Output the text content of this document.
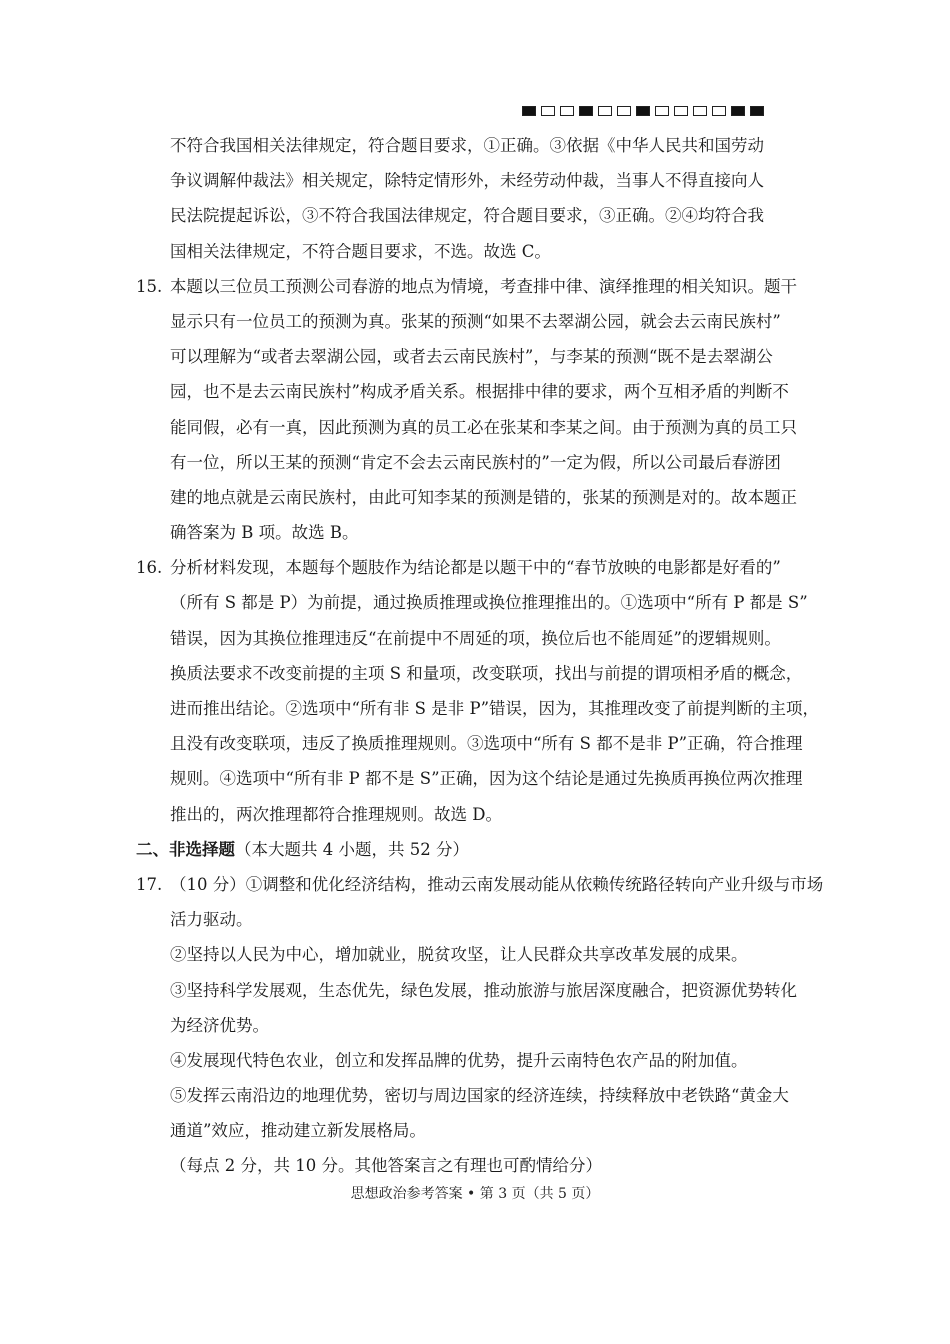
不符合我国相关法律规定，符合题目要求，①正确。③依据《中华人民共和国劳动
争议调解仲裁法》相关规定，除特定情形外，未经劳动仲裁，当事人不得直接向人
民法院提起诉讼，③不符合我国法律规定，符合题目要求，③正确。②④均符合我
国相关法律规定，不符合题目要求，不选。故选 C。
15. 本题以三位员工预测公司春游的地点为情境，考查排中律、演绎推理的相关知识。题干
显示只有一位员工的预测为真。张某的预测“如果不去翠湖公园，就会去云南民族村”
可以理解为“或者去翠湖公园，或者去云南民族村”，与李某的预测“既不是去翠湖公
园，也不是去云南民族村”构成矛盾关系。根据排中律的要求，两个互相矛盾的判断不
能同假，必有一真，因此预测为真的员工必在张某和李某之间。由于预测为真的员工只
有一位，所以王某的预测“肯定不会去云南民族村的”一定为假，所以公司最后春游团
建的地点就是云南民族村，由此可知李某的预测是错的，张某的预测是对的。故本题正
确答案为 B 项。故选 B。
16. 分析材料发现，本题每个题肢作为结论都是以题干中的“春节放映的电影都是好看的”
（所有 S 都是 P）为前提，通过换质推理或换位推理推出的。①选项中“所有 P 都是 S”
错误，因为其换位推理违反“在前提中不周延的项，换位后也不能周延”的逻辑规则。
换质法要求不改变前提的主项 S 和量项，改变联项，找出与前提的谓项相矛盾的概念，
进而推出结论。②选项中“所有非 S 是非 P”错误，因为，其推理改变了前提判断的主项，
且没有改变联项，违反了换质推理规则。③选项中“所有 S 都不是非 P”正确，符合推理
规则。④选项中“所有非 P 都不是 S”正确，因为这个结论是通过先换质再换位两次推理
推出的，两次推理都符合推理规则。故选 D。
二、非选择题（本大题共 4 小题，共 52 分）
17. （10 分）①调整和优化经济结构，推动云南发展动能从依赖传统路径转向产业升级与市场
活力驱动。
②坚持以人民为中心，增加就业，脱贫攻坚，让人民群众共享改革发展的成果。
③坚持科学发展观，生态优先，绿色发展，推动旅游与旅居深度融合，把资源优势转化
为经济优势。
④发展现代特色农业，创立和发挥品牌的优势，提升云南特色农产品的附加值。
⑤发挥云南沿边的地理优势，密切与周边国家的经济连续，持续释放中老铁路“黄金大
通道”效应，推动建立新发展格局。
（每点 2 分，共 10 分。其他答案言之有理也可酌情给分）
思想政治参考答案 • 第 3 页（共 5 页）
